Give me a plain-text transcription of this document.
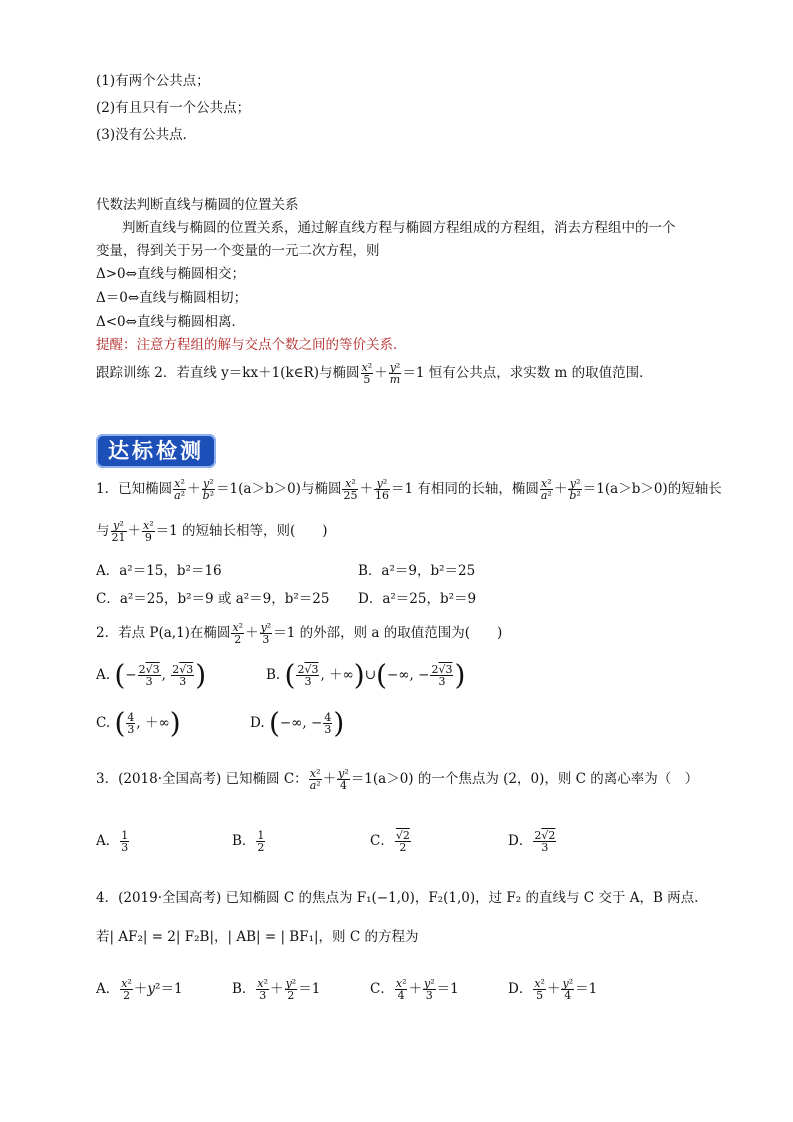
(1)有两个公共点；
(2)有且只有一个公共点；
(3)没有公共点．
代数法判断直线与椭圆的位置关系
判断直线与椭圆的位置关系，通过解直线方程与椭圆方程组成的方程组，消去方程组中的一个
变量，得到关于另一个变量的一元二次方程，则
Δ>0⇔直线与椭圆相交；
Δ＝0⇔直线与椭圆相切；
Δ<0⇔直线与椭圆相离．
提醒：注意方程组的解与交点个数之间的等价关系．
跟踪训练 2．若直线 y＝kx＋1(k∈R)与椭圆 $\frac{\text{x²}}{5} + \frac{\text{y²}}{m} =1$ 恒有公共点，求实数 m 的取值范围．
达标检测
1．已知椭圆 $\frac{\text{x²}}{\text{a²}} + \frac{\text{y²}}{\text{b²}} =1(a>b>0)$与椭圆 $\frac{\text{x²}}{25} + \frac{\text{y²}}{16} =1$ 有相同的长轴，椭圆 $\frac{\text{x²}}{\text{a²}} + \frac{\text{y²}}{\text{b²}} =1(a>b>0)$的短轴长
与 $\frac{\text{y²}}{21} + \frac{\text{x²}}{9} =1$ 的短轴长相等，则(　　)
A．a²＝15，b²＝16	B．a²＝9，b²＝25
C．a²＝25，b²＝9 或 a²＝9，b²＝25 D．a²＝25，b²＝9
2．若点 P(a,1)在椭圆 $\frac{\text{x²}}{2} + \frac{\text{y²}}{3} =1$ 的外部，则 a 的取值范围为(　　)
A. (− $\frac{2√3}{3}$ , $\frac{2√3}{3}$ )	B. ( $\frac{2√3}{3}$ , ＋∞)∪(−∞, − $\frac{2√3}{3}$ )
C. ( $\frac{4}{3}$ , ＋∞)	D. (−∞, − $\frac{4}{3}$ )
3．(2018·全国高考) 已知椭圆 C： $\frac{\text{x²}}{\text{a²}} + \frac{\text{y²}}{4} =1(a>0)$ 的一个焦点为 (2，0)，则 C 的离心率为（　）
A． $\frac{1}{3}$	B． $\frac{1}{2}$	C． $\frac{√2}{2}$	D． $\frac{2√2}{3}$
4．(2019·全国高考) 已知椭圆 C 的焦点为 F₁(−1,0)，F₂(1,0)，过 F₂ 的直线与 C 交于 A，B 两点.
若| AF₂| = 2| F₂B|，| AB| = | BF₁|，则 C 的方程为
A． $\frac{\text{x²}}{2} +y^2=1$	B． $\frac{\text{x²}}{3} + \frac{\text{y²}}{2} =1$	C． $\frac{\text{x²}}{4} + \frac{\text{y²}}{3} =1$	D． $\frac{\text{x²}}{5} + \frac{\text{y²}}{4} =1$
